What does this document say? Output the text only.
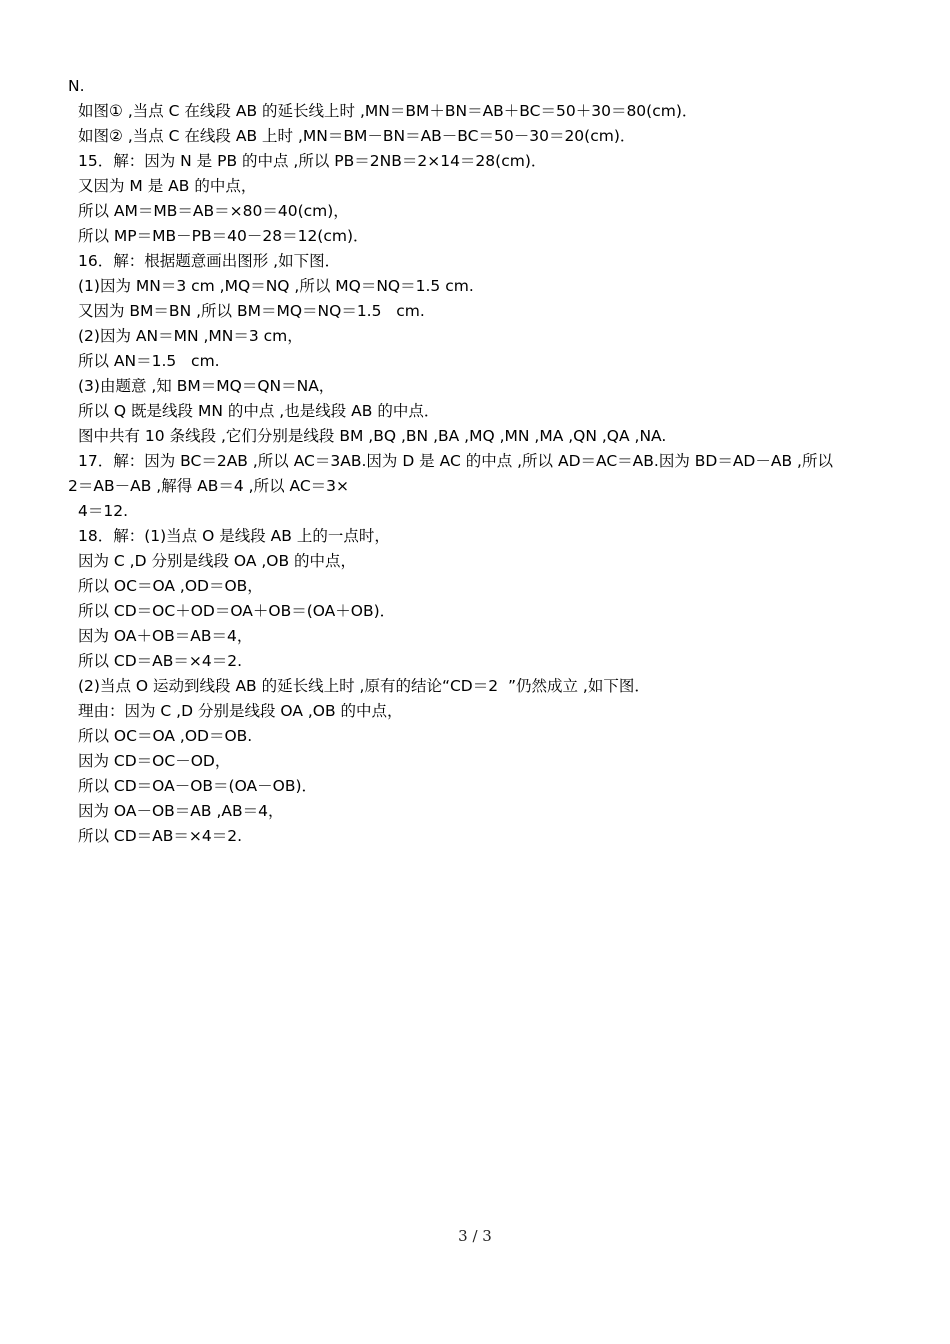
N.
如图① ,当点 C 在线段 AB 的延长线上时 ,MN＝BM＋BN＝AB＋BC＝50＋30＝80(cm)．
如图② ,当点 C 在线段 AB 上时 ,MN＝BM－BN＝AB－BC＝50－30＝20(cm)．
15．解：因为 N 是 PB 的中点 ,所以 PB＝2NB＝2×14＝28(cm)．
又因为 M 是 AB 的中点，
所以 AM＝MB＝AB＝×80＝40(cm)，
所以 MP＝MB－PB＝40－28＝12(cm)．
16．解：根据题意画出图形 ,如下图．
(1)因为 MN＝3 cm ,MQ＝NQ ,所以 MQ＝NQ＝1.5 cm.
又因为 BM＝BN ,所以 BM＝MQ＝NQ＝1.5   cm.
(2)因为 AN＝MN ,MN＝3 cm，
所以 AN＝1.5   cm.
(3)由题意 ,知 BM＝MQ＝QN＝NA，
所以 Q 既是线段 MN 的中点 ,也是线段 AB 的中点．
图中共有 10 条线段 ,它们分别是线段 BM ,BQ ,BN ,BA ,MQ ,MN ,MA ,QN ,QA ,NA.
17．解：因为 BC＝2AB ,所以 AC＝3AB.因为 D 是 AC 的中点 ,所以 AD＝AC＝AB.因为 BD＝AD－AB ,所以
2＝AB－AB ,解得 AB＝4 ,所以 AC＝3×
4＝12.
18．解：(1)当点 O 是线段 AB 上的一点时，
因为 C ,D 分别是线段 OA ,OB 的中点，
所以 OC＝OA ,OD＝OB，
所以 CD＝OC＋OD＝OA＋OB＝(OA＋OB)．
因为 OA＋OB＝AB＝4，
所以 CD＝AB＝×4＝2.
(2)当点 O 运动到线段 AB 的延长线上时 ,原有的结论“CD＝2  ”仍然成立 ,如下图．
理由：因为 C ,D 分别是线段 OA ,OB 的中点，
所以 OC＝OA ,OD＝OB.
因为 CD＝OC－OD，
所以 CD＝OA－OB＝(OA－OB)．
因为 OA－OB＝AB ,AB＝4，
所以 CD＝AB＝×4＝2.
3 / 3
